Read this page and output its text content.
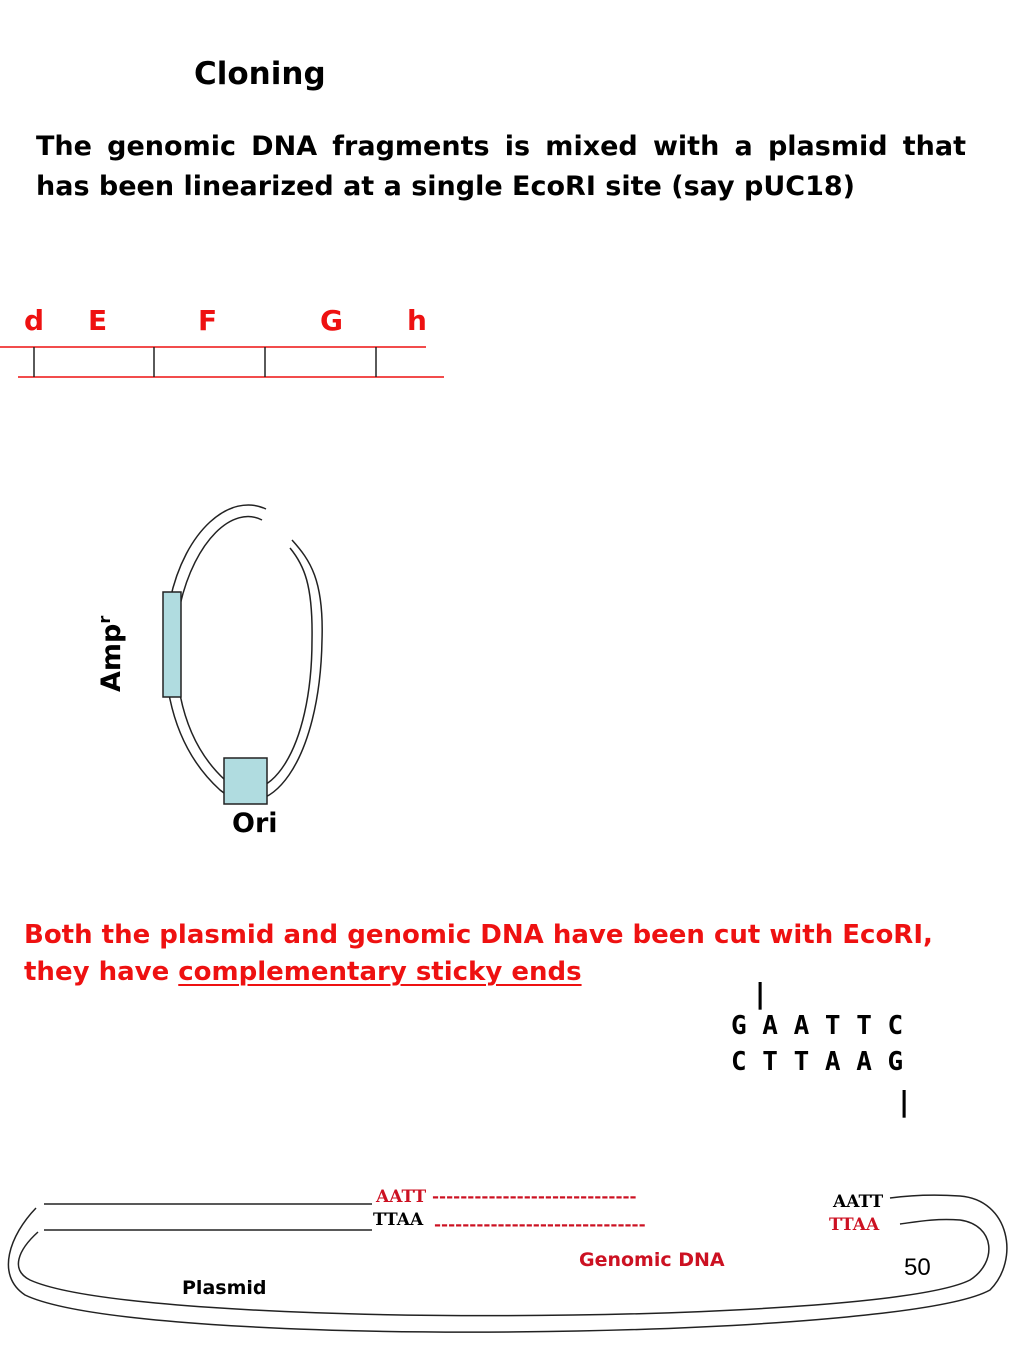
Cloning
The genomic DNA fragments is mixed with a plasmid that has been linearized at a single EcoRI site (say pUC18)
d E	F	G h
Amp$^r$
Ori
Both the plasmid and genomic DNA have been cut with EcoRI, they have complementary sticky ends
|
G A A T T C
C T T A A G
|
AATT -----------------------------
TTAA ------------------------------
AATT
TTAA
Genomic DNA
Plasmid
50
